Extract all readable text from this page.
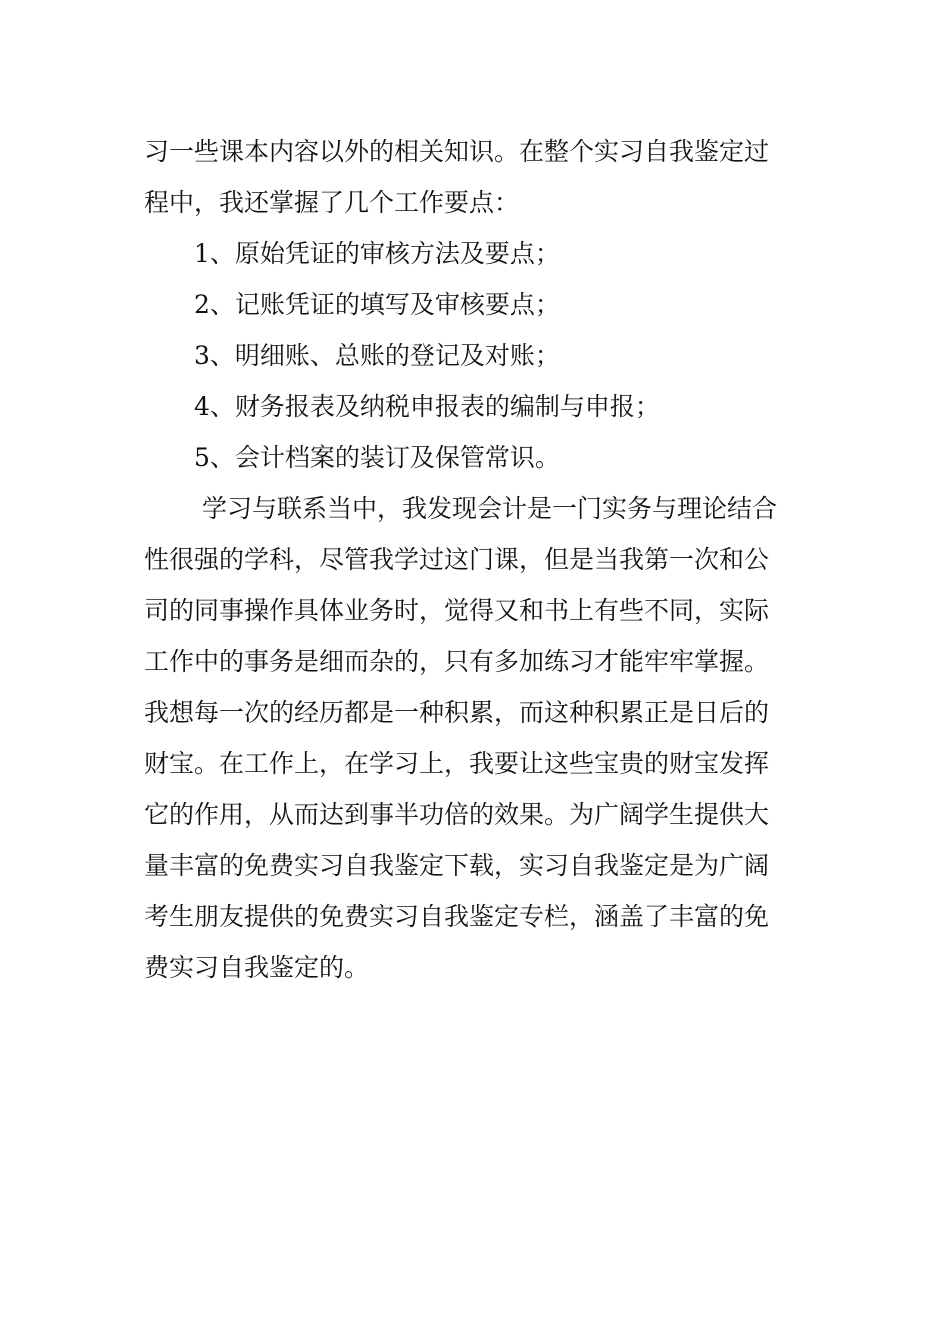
习一些课本内容以外的相关知识。在整个实习自我鉴定过
程中，我还掌握了几个工作要点：
1、原始凭证的审核方法及要点；
2、记账凭证的填写及审核要点；
3、明细账、总账的登记及对账；
4、财务报表及纳税申报表的编制与申报；
5、会计档案的装订及保管常识。
学习与联系当中，我发现会计是一门实务与理论结合
性很强的学科，尽管我学过这门课，但是当我第一次和公
司的同事操作具体业务时，觉得又和书上有些不同，实际
工作中的事务是细而杂的，只有多加练习才能牢牢掌握。
我想每一次的经历都是一种积累，而这种积累正是日后的
财宝。在工作上，在学习上，我要让这些宝贵的财宝发挥
它的作用，从而达到事半功倍的效果。为广阔学生提供大
量丰富的免费实习自我鉴定下载，实习自我鉴定是为广阔
考生朋友提供的免费实习自我鉴定专栏，涵盖了丰富的免
费实习自我鉴定的。
